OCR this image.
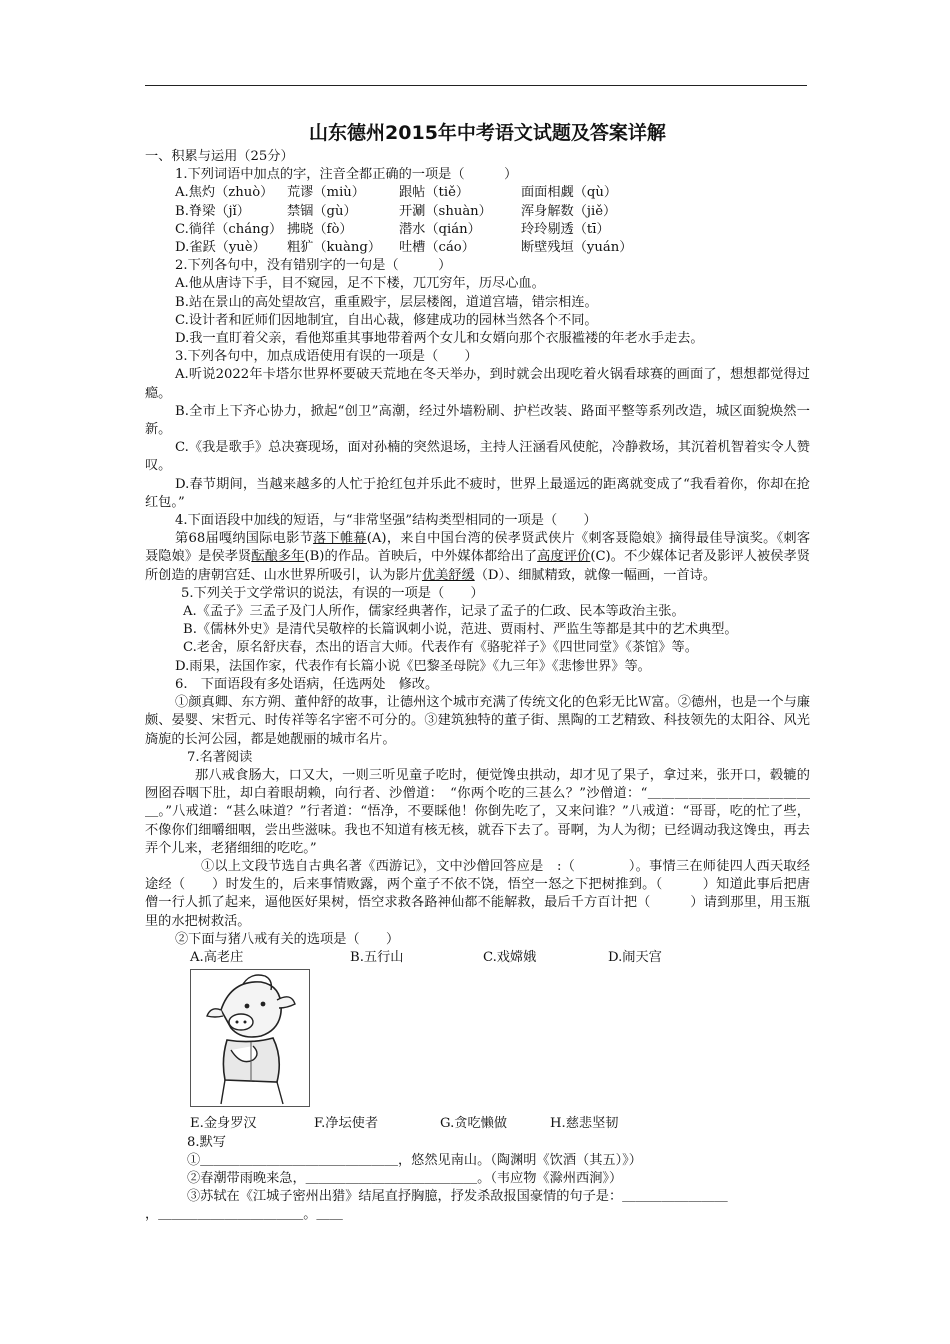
山东德州2015年中考语文试题及答案详解
一、积累与运用（25分）
1.下列词语中加点的字，注音全都正确的一项是（　　　）
A.焦灼（zhuò）	荒谬（miù）	跟帖（tiě）	面面相觑（qù）
B.脊梁（jǐ）	禁锢（gù）	开涮（shuàn）	浑身解数（jiě）
C.徜徉（cháng） 拂晓（fò）	潜水（qián）	玲玲剔透（tī）
D.雀跃（yuè）	粗犷（kuàng）	吐槽（cáo）	断壁残垣（yuán）
2.下列各句中，没有错别字的一句是（　　　）
A.他从唐诗下手，目不窥园，足不下楼，兀兀穷年，历尽心血。
B.站在景山的高处望故宫，重重殿宇，层层楼阁，道道宫墙，错宗相连。
C.设计者和匠师们因地制宜，自出心裁，修建成功的园林当然各个不同。
D.我一直盯着父亲，看他郑重其事地带着两个女儿和女婿向那个衣服褴褛的年老水手走去。
3.下列各句中，加点成语使用有误的一项是（　　）
A.听说2022年卡塔尔世界杯要破天荒地在冬天举办，到时就会出现吃着火锅看球赛的画面了，想想都觉得过瘾。
B.全市上下齐心协力，掀起“创卫”高潮，经过外墙粉刷、护栏改装、路面平整等系列改造，城区面貌焕然一新。
C.《我是歌手》总决赛现场，面对孙楠的突然退场，主持人汪涵看风使舵，冷静救场，其沉着机智着实令人赞叹。
D.春节期间，当越来越多的人忙于抢红包并乐此不疲时，世界上最遥远的距离就变成了“我看着你，你却在抢红包。”
4.下面语段中加线的短语，与“非常坚强”结构类型相同的一项是（　　）
第68届嘎纳国际电影节落下帷幕(A)，来自中国台湾的侯孝贤武侠片《刺客聂隐娘》摘得最佳导演奖。《刺客聂隐娘》是侯孝贤酝酿多年(B)的作品。首映后，中外媒体都给出了高度评价(C)。不少媒体记者及影评人被侯孝贤所创造的唐朝宫廷、山水世界所吸引，认为影片优美舒缓（D）、细腻精致，就像一幅画，一首诗。
5.下列关于文学常识的说法，有误的一项是（　　）
A.《孟子》三孟子及门人所作，儒家经典著作，记录了孟子的仁政、民本等政治主张。
B.《儒林外史》是清代吴敬梓的长篇讽刺小说，范进、贾雨村、严监生等都是其中的艺术典型。
C.老舍，原名舒庆春，杰出的语言大师。代表作有《骆驼祥子》《四世同堂》《茶馆》等。
D.雨果，法国作家，代表作有长篇小说《巴黎圣母院》《九三年》《悲惨世界》等。
6.　下面语段有多处语病，任选两处　修改。
①颜真卿、东方朔、董仲舒的故事，让德州这个城市充满了传统文化的色彩无比Ｗ富。②德州，也是一个与廉颇、晏婴、宋哲元、时传祥等名字密不可分的。③建筑独特的董子街、黑陶的工艺精致、科技领先的太阳谷、风光旖旎的长河公园，都是她靓丽的城市名片。
7.名著阅读
那八戒食肠大，口又大，一则三听见童子吃时，便觉馋虫拱动，却才见了果子，拿过来，张开口，毂辘的囫囵吞咽下肚，却白着眼胡赖，向行者、沙僧道：　“你两个吃的三甚么？”沙僧道：“＿＿＿＿＿＿＿＿＿＿＿＿＿。”八戒道：“甚么味道？”行者道：“悟净，不要睬他！你倒先吃了，又来问谁？”八戒道：“哥哥，吃的忙了些，不像你们细嚼细咽，尝出些滋味。我也不知道有核无核，就吞下去了。哥啊，为人为彻；已经调动我这馋虫，再去弄个儿来，老猪细细的吃吃。”
①以上文段节选自古典名著《西游记》，文中沙僧回答应是　:（　　　　）。事情三在师徒四人西天取经途经（　　）时发生的，后来事情败露，两个童子不依不饶，悟空一怒之下把树推到。（　　　）知道此事后把唐僧一行人抓了起来，逼他医好果树，悟空求救各路神仙都不能解救，最后千方百计把（　　　）请到那里，用玉瓶里的水把树救活。
②下面与猪八戒有关的选项是（　　）
A.高老庄	B.五行山	C.戏嫦娥	D.闹天宫
E.金身罗汉	F.净坛使者	G.贪吃懒做	H.慈悲坚韧
8.默写
①＿＿＿＿＿＿＿＿＿＿＿＿＿＿＿，悠然见南山。（陶渊明《饮酒（其五）》）
②春潮带雨晚来急，＿＿＿＿＿＿＿＿＿＿＿＿＿。（韦应物《滁州西涧》）
③苏轼在《江城子密州出猎》结尾直抒胸臆，抒发杀敌报国豪情的句子是：＿＿＿＿＿＿＿＿
，＿＿＿＿＿＿＿＿＿＿＿。＿＿
